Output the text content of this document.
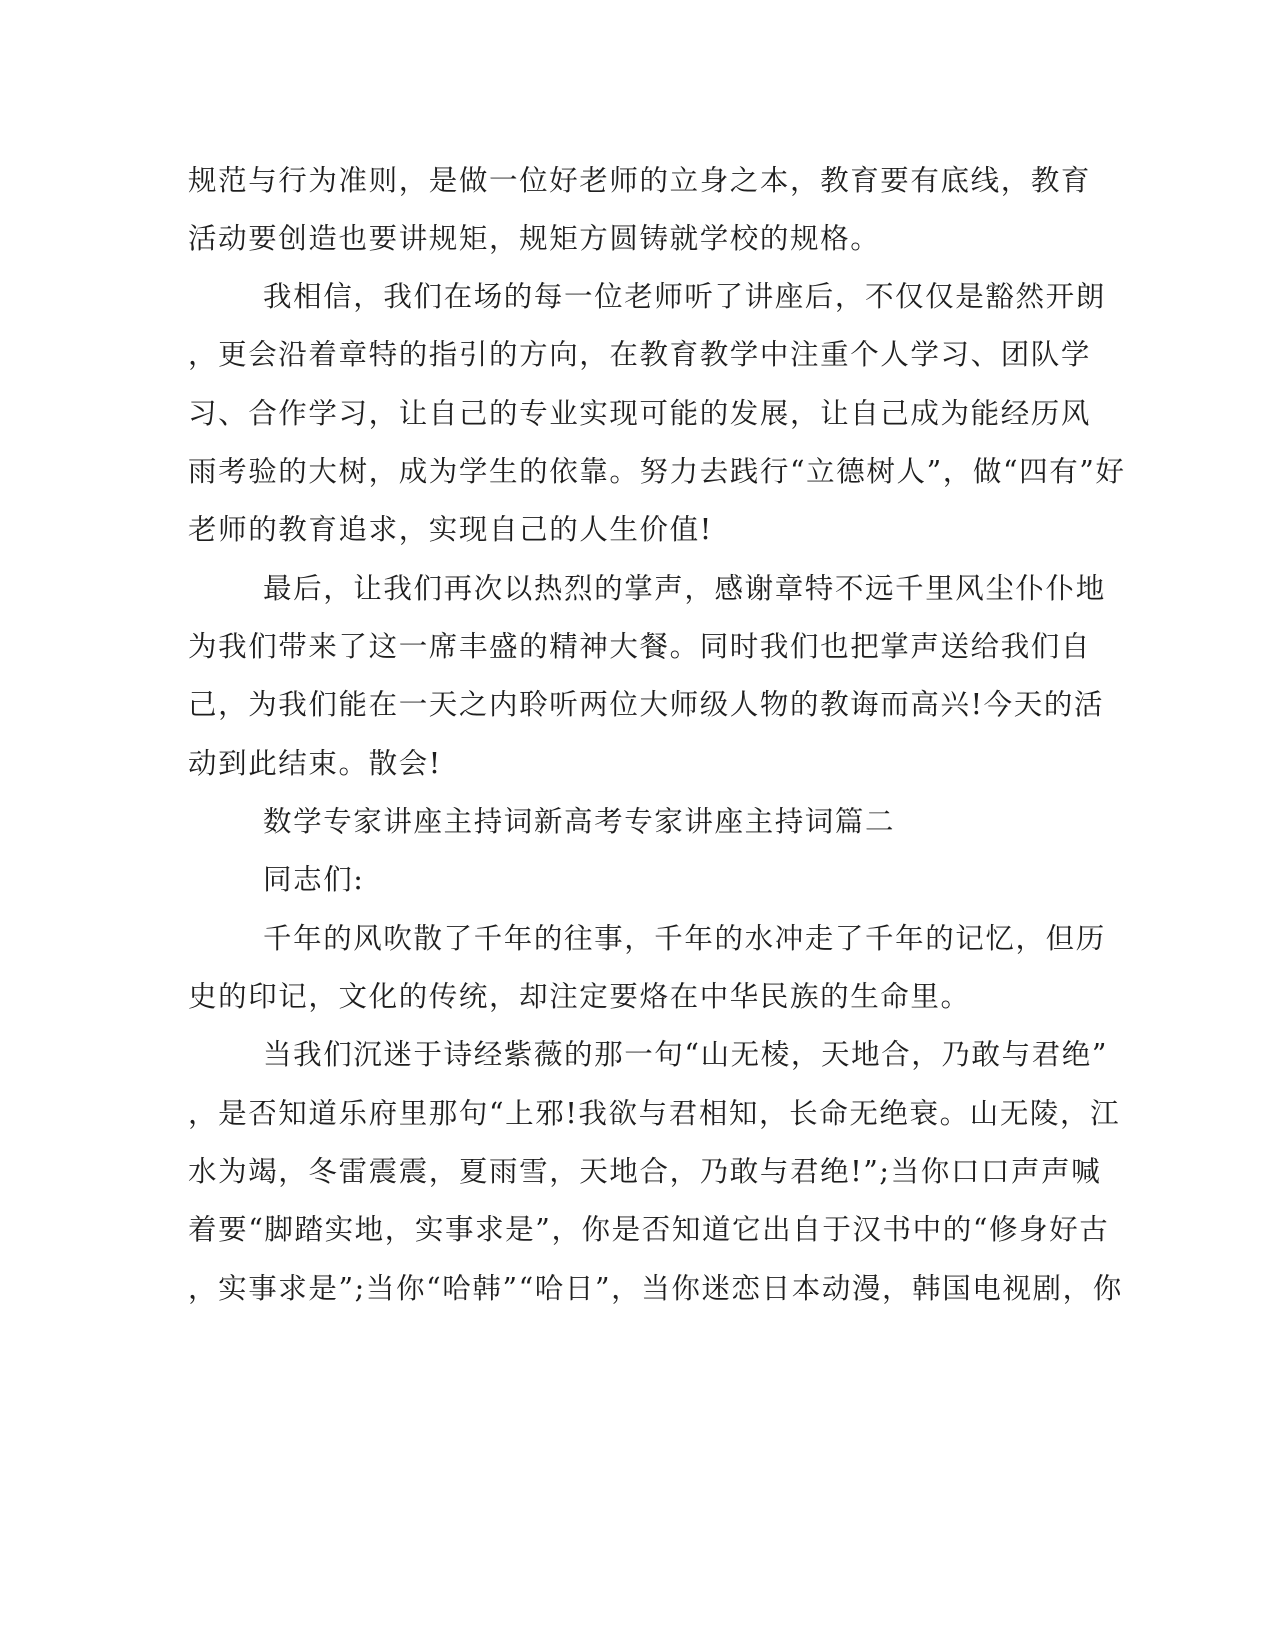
规范与行为准则，是做一位好老师的立身之本，教育要有底线，教育
活动要创造也要讲规矩，规矩方圆铸就学校的规格。
我相信，我们在场的每一位老师听了讲座后，不仅仅是豁然开朗
，更会沿着章特的指引的方向，在教育教学中注重个人学习、团队学
习、合作学习，让自己的专业实现可能的发展，让自己成为能经历风
雨考验的大树，成为学生的依靠。努力去践行“立德树人”，做“四有”好
老师的教育追求，实现自己的人生价值!
最后，让我们再次以热烈的掌声，感谢章特不远千里风尘仆仆地
为我们带来了这一席丰盛的精神大餐。同时我们也把掌声送给我们自
己，为我们能在一天之内聆听两位大师级人物的教诲而高兴!今天的活
动到此结束。散会!
数学专家讲座主持词新高考专家讲座主持词篇二
同志们:
千年的风吹散了千年的往事，千年的水冲走了千年的记忆，但历
史的印记，文化的传统，却注定要烙在中华民族的生命里。
当我们沉迷于诗经紫薇的那一句“山无棱，天地合，乃敢与君绝”
，是否知道乐府里那句“上邪!我欲与君相知，长命无绝衰。山无陵，江
水为竭，冬雷震震，夏雨雪，天地合，乃敢与君绝!”;当你口口声声喊
着要“脚踏实地，实事求是”，你是否知道它出自于汉书中的“修身好古
，实事求是”;当你“哈韩”“哈日”，当你迷恋日本动漫，韩国电视剧，你
